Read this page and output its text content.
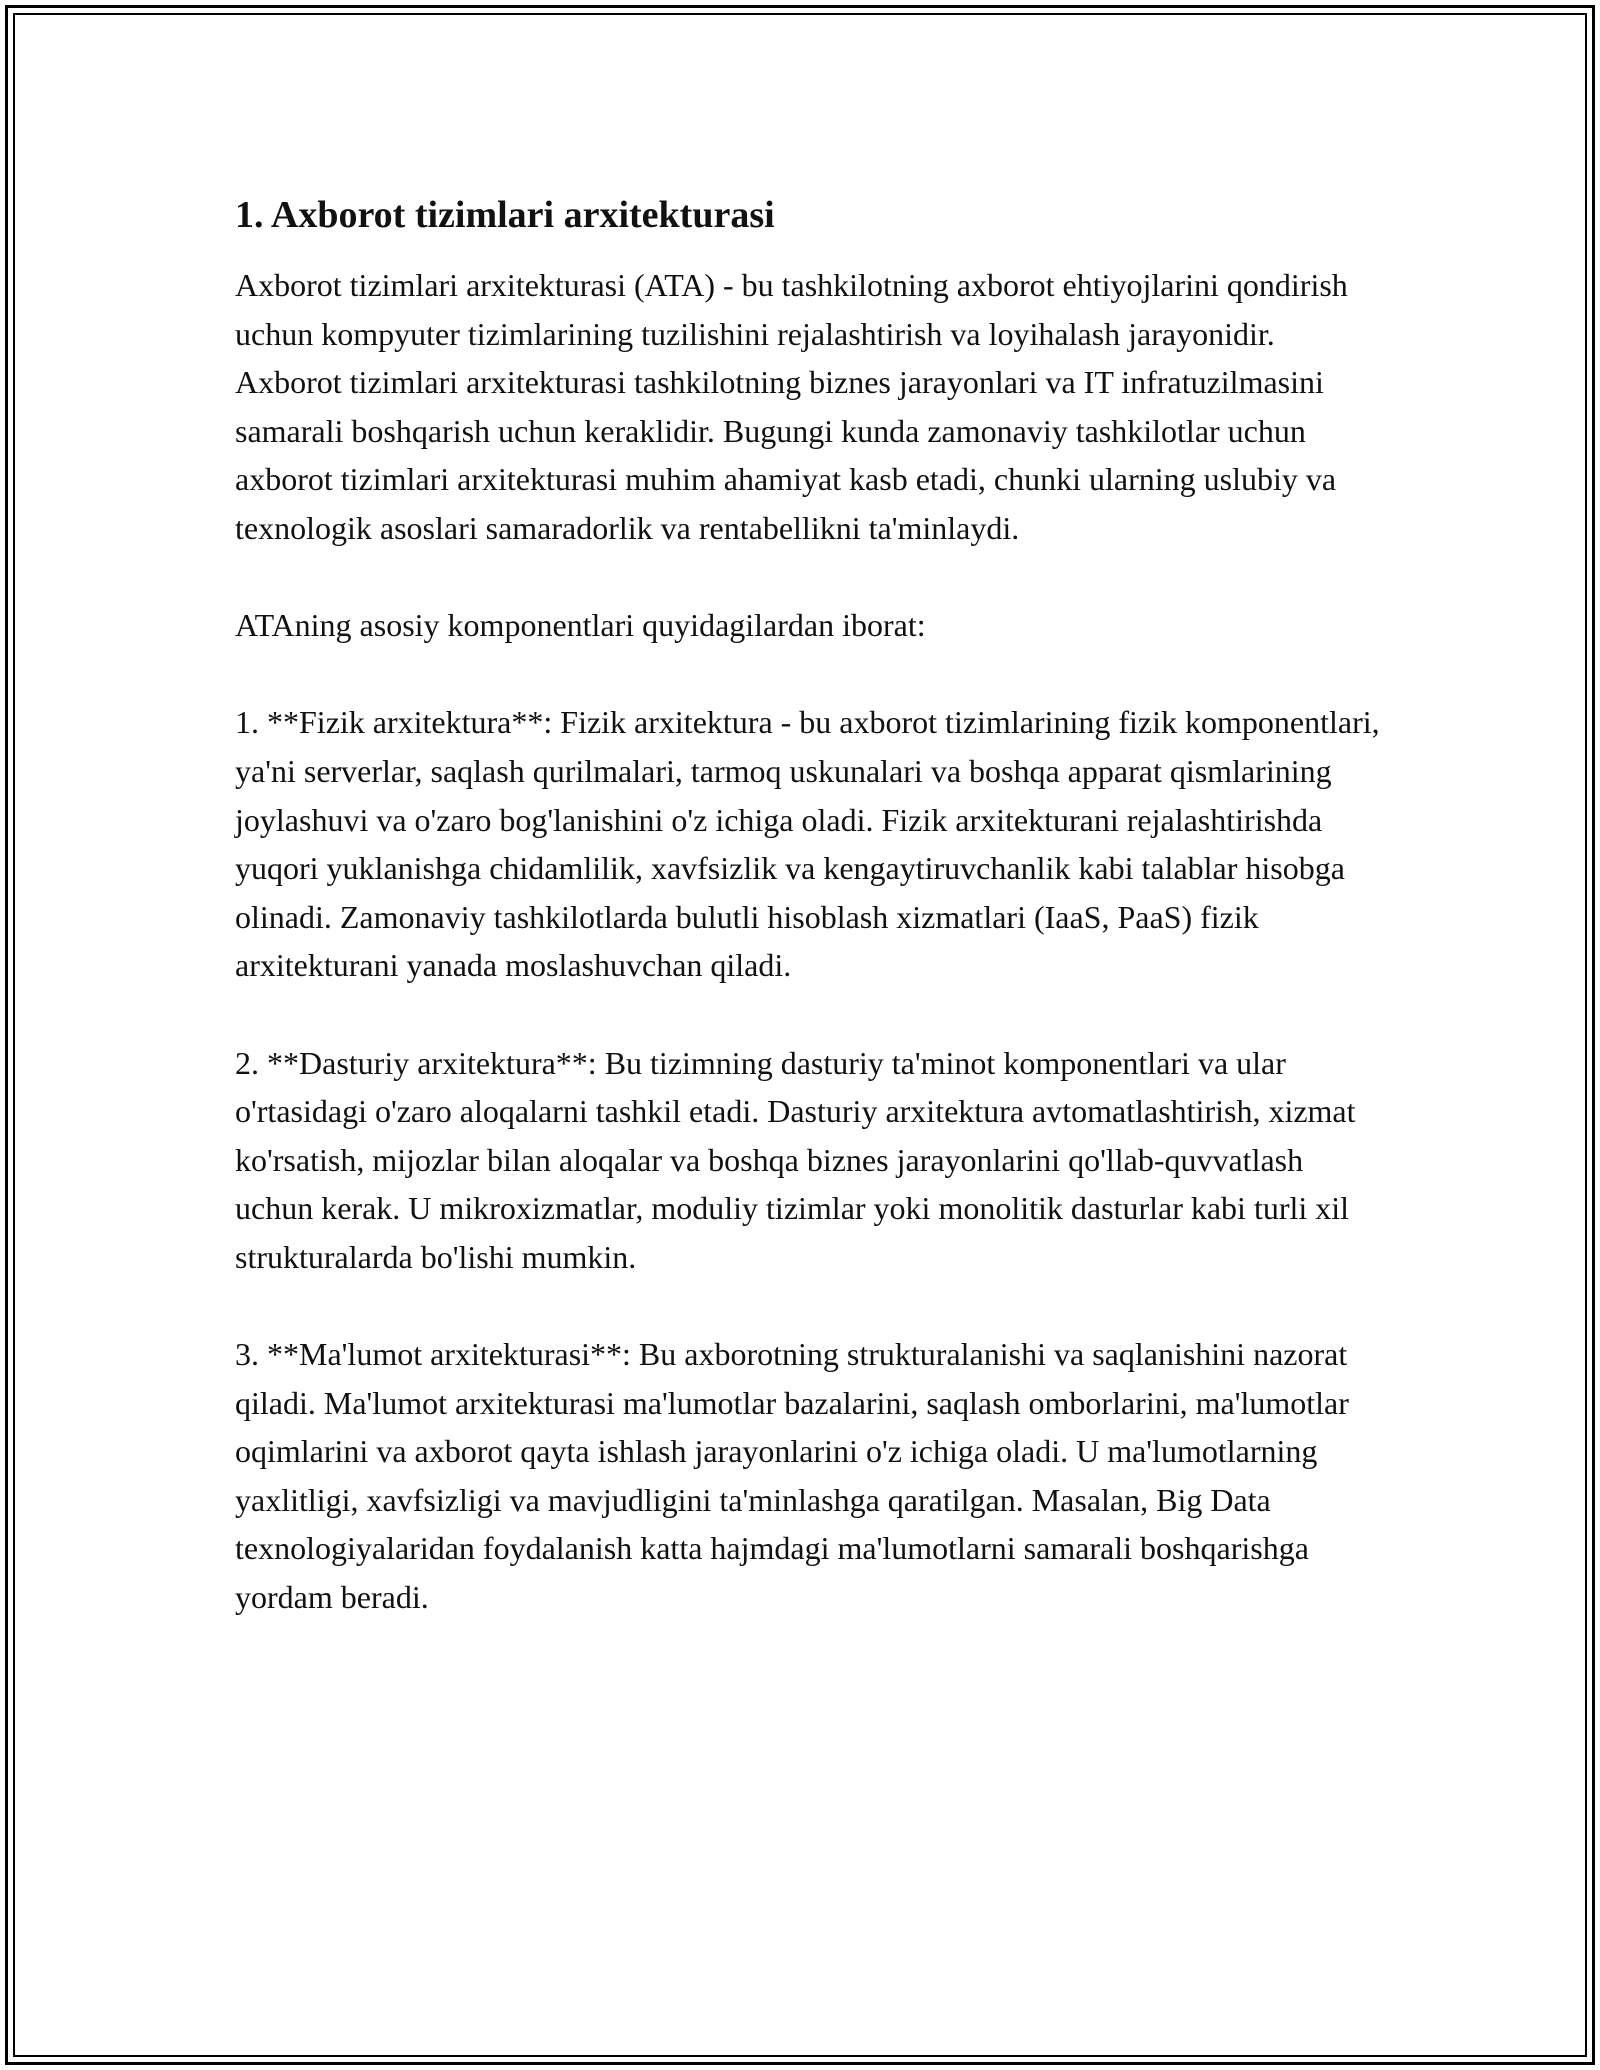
1. Axborot tizimlari arxitekturasi

Axborot tizimlari arxitekturasi (ATA) - bu tashkilotning axborot ehtiyojlarini qondirish uchun kompyuter tizimlarining tuzilishini rejalashtirish va loyihalash jarayonidir. Axborot tizimlari arxitekturasi tashkilotning biznes jarayonlari va IT infratuzilmasini samarali boshqarish uchun keraklidir. Bugungi kunda zamonaviy tashkilotlar uchun axborot tizimlari arxitekturasi muhim ahamiyat kasb etadi, chunki ularning uslubiy va texnologik asoslari samaradorlik va rentabellikni ta'minlaydi.

ATAning asosiy komponentlari quyidagilardan iborat:

1. **Fizik arxitektura**: Fizik arxitektura - bu axborot tizimlarining fizik komponentlari, ya'ni serverlar, saqlash qurilmalari, tarmoq uskunalari va boshqa apparat qismlarining joylashuvi va o'zaro bog'lanishini o'z ichiga oladi. Fizik arxitekturani rejalashtirishda yuqori yuklanishga chidamlilik, xavfsizlik va kengaytiruvchanlik kabi talablar hisobga olinadi. Zamonaviy tashkilotlarda bulutli hisoblash xizmatlari (IaaS, PaaS) fizik arxitekturani yanada moslashuvchan qiladi.

2. **Dasturiy arxitektura**: Bu tizimning dasturiy ta'minot komponentlari va ular o'rtasidagi o'zaro aloqalarni tashkil etadi. Dasturiy arxitektura avtomatlashtirish, xizmat ko'rsatish, mijozlar bilan aloqalar va boshqa biznes jarayonlarini qo'llab-quvvatlash uchun kerak. U mikroxizmatlar, moduliy tizimlar yoki monolitik dasturlar kabi turli xil strukturalarda bo'lishi mumkin.

3. **Ma'lumot arxitekturasi**: Bu axborotning strukturalanishi va saqlanishini nazorat qiladi. Ma'lumot arxitekturasi ma'lumotlar bazalarini, saqlash omborlarini, ma'lumotlar oqimlarini va axborot qayta ishlash jarayonlarini o'z ichiga oladi. U ma'lumotlarning yaxlitligi, xavfsizligi va mavjudligini ta'minlashga qaratilgan. Masalan, Big Data texnologiyalaridan foydalanish katta hajmdagi ma'lumotlarni samarali boshqarishga yordam beradi.
